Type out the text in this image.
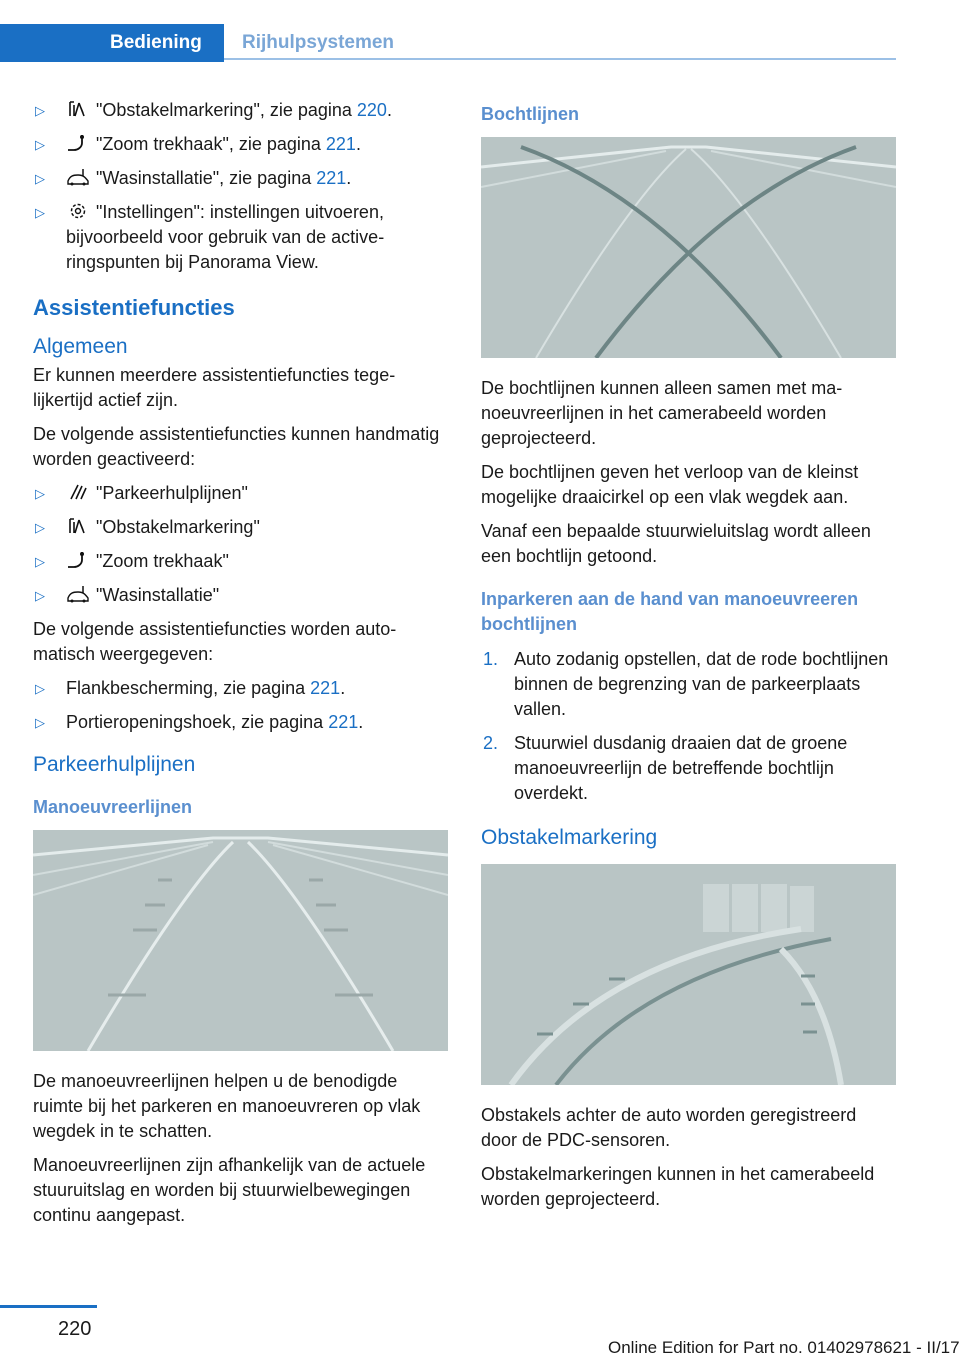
Bediening	Rijhulpsystemen
▷	"Obstakelmarkering", zie pagina 220.
▷	"Zoom trekhaak", zie pagina 221.
▷	"Wasinstallatie", zie pagina 221.
▷	"Instellingen": instellingen uitvoeren, bijvoorbeeld voor gebruik van de activeringspunten bij Panorama View.
Assistentiefuncties
Algemeen

Er kunnen meerdere assistentiefuncties tegelijkertijd actief zijn.

De volgende assistentiefuncties kunnen handmatig worden geactiveerd:

▷	"Parkeerhulplijnen"
▷	"Obstakelmarkering"
▷	"Zoom trekhaak"
▷	"Wasinstallatie"

De volgende assistentiefuncties worden automatisch weergegeven:

▷ Flankbescherming, zie pagina 221.
▷ Portieropeningshoek, zie pagina 221.
Parkeerhulplijnen
Manoeuvreerlijnen

De manoeuvreerlijnen helpen u de benodigde ruimte bij het parkeren en manoeuvreren op vlak wegdek in te schatten.

Manoeuvreerlijnen zijn afhankelijk van de actuele stuuruitslag en worden bij stuurwielbewegingen continu aangepast.

Bochtlijnen

De bochtlijnen kunnen alleen samen met manoeuvreerlijnen in het camerabeeld worden geprojecteerd.

De bochtlijnen geven het verloop van de kleinst mogelijke draaicirkel op een vlak wegdek aan.

Vanaf een bepaalde stuurwieluitslag wordt alleen een bochtlijn getoond.

Inparkeren aan de hand van manoeuvreeren bochtlijnen
1. Auto zodanig opstellen, dat de rode bochtlijnen binnen de begrenzing van de parkeerplaats vallen.
2. Stuurwiel dusdanig draaien dat de groene manoeuvreerlijn de betreffende bochtlijn overdekt.
Obstakelmarkering

Obstakels achter de auto worden geregistreerd door de PDC-sensoren.

Obstakelmarkeringen kunnen in het camerabeeld worden geprojecteerd.

220
Online Edition for Part no. 01402978621 - II/17
